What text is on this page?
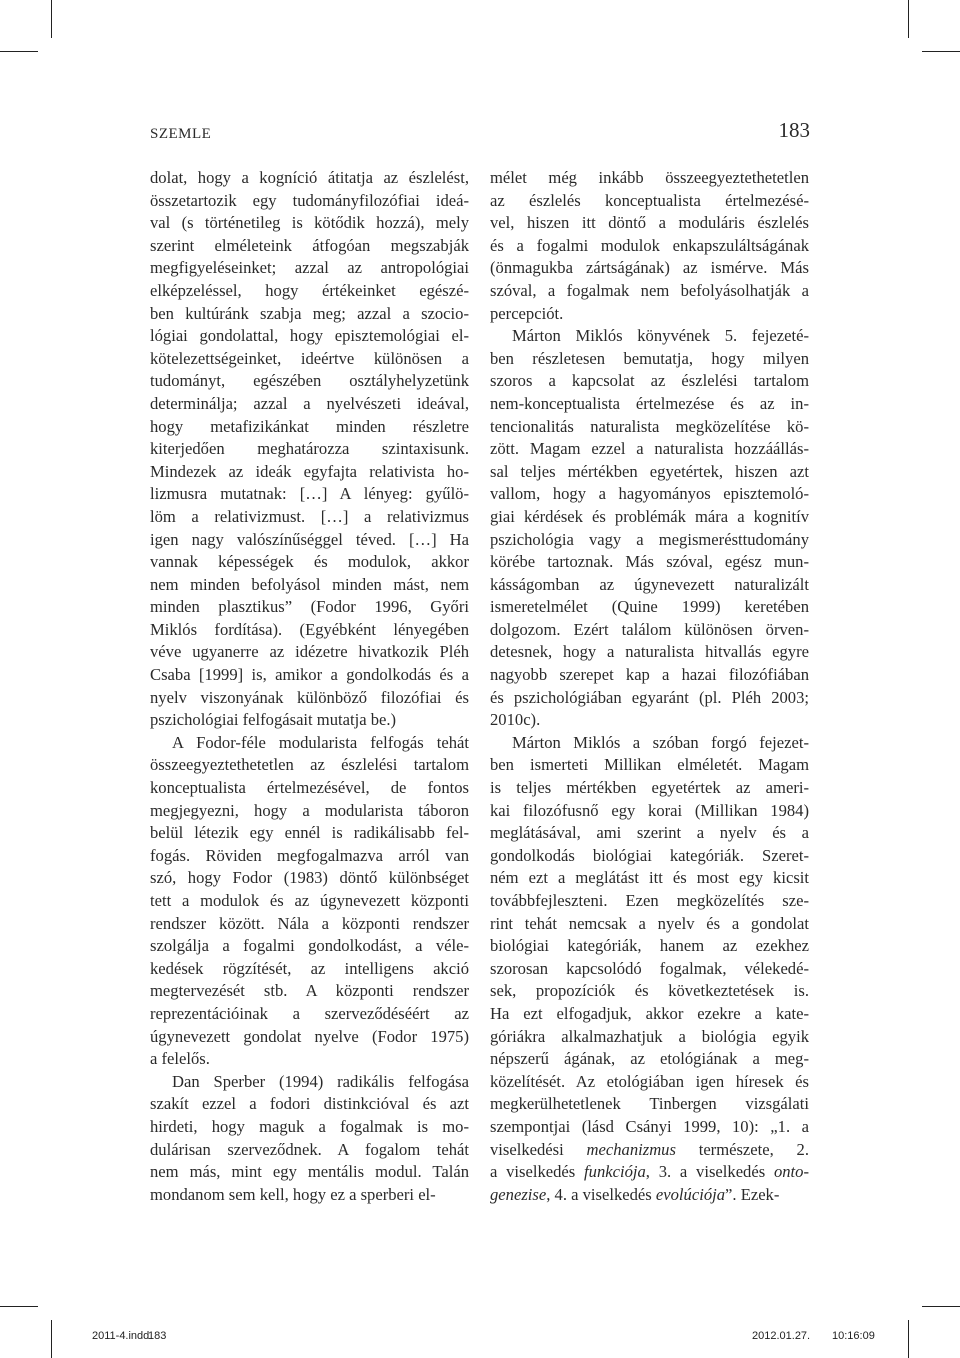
SZEMLE	183

dolat, hogy a kogníció átitatja az észlelést,

összetartozik egy tudományfilozófiai ideá-

val (s történetileg is kötődik hozzá), mely

szerint elméleteink átfogóan megszabják

megfigyeléseinket; azzal az antropológiai

elképzeléssel, hogy értékeinket egészé-

ben kultúránk szabja meg; azzal a szocio-

lógiai gondolattal, hogy episztemológiai el-

kötelezettségeinket, ideértve különösen a

tudományt, egészében osztályhelyzetünk

determinálja; azzal a nyelvészeti ideával,

hogy metafizikánkat minden részletre

kiterjedően meghatározza szintaxisunk.

Mindezek az ideák egyfajta relativista ho-

lizmusra mutatnak: […] A lényeg: gyűlö-

löm a relativizmust. […] a relativizmus

igen nagy valószínűséggel téved. […] Ha

vannak képességek és modulok, akkor

nem minden befolyásol minden mást, nem

minden plasztikus” (Fodor 1996, Győri

Miklós fordítása). (Egyébként lényegében

véve ugyanerre az idézetre hivatkozik Pléh

Csaba [1999] is, amikor a gondolkodás és a

nyelv viszonyának különböző filozófiai és

pszichológiai felfogásait mutatja be.)

A Fodor-féle modularista felfogás tehát

összeegyeztethetetlen az észlelési tartalom

konceptualista értelmezésével, de fontos

megjegyezni, hogy a modularista táboron

belül létezik egy ennél is radikálisabb fel-

fogás. Röviden megfogalmazva arról van

szó, hogy Fodor (1983) döntő különbséget

tett a modulok és az úgynevezett központi

rendszer között. Nála a központi rendszer

szolgálja a fogalmi gondolkodást, a véle-

kedések rögzítését, az intelligens akció

megtervezését stb. A központi rendszer

reprezentációinak a szerveződéséért az

úgynevezett gondolat nyelve (Fodor 1975)

a felelős.

Dan Sperber (1994) radikális felfogása

szakít ezzel a fodori distinkcióval és azt

hirdeti, hogy maguk a fogalmak is mo-

dulárisan szerveződnek. A fogalom tehát

nem más, mint egy mentális modul. Talán

mondanom sem kell, hogy ez a sperberi el-

mélet még inkább összeegyeztethetetlen

az észlelés konceptualista értelmezésé-

vel, hiszen itt döntő a moduláris észlelés

és a fogalmi modulok enkapszuláltságának

(önmagukba zártságának) az ismérve. Más

szóval, a fogalmak nem befolyásolhatják a

percepciót.

Márton Miklós könyvének 5. fejezeté-

ben részletesen bemutatja, hogy milyen

szoros a kapcsolat az észlelési tartalom

nem-konceptualista értelmezése és az in-

tencionalitás naturalista megközelítése kö-

zött. Magam ezzel a naturalista hozzáállás-

sal teljes mértékben egyetértek, hiszen azt

vallom, hogy a hagyományos episztemoló-

giai kérdések és problémák mára a kognitív

pszichológia vagy a megismerésttudomány

körébe tartoznak. Más szóval, egész mun-

kásságomban az úgynevezett naturalizált

ismeretelmélet (Quine 1999) keretében

dolgozom. Ezért találom különösen örven-

detesnek, hogy a naturalista hitvallás egyre

nagyobb szerepet kap a hazai filozófiában

és pszichológiában egyaránt (pl. Pléh 2003;

2010c).

Márton Miklós a szóban forgó fejezet-

ben ismerteti Millikan elméletét. Magam

is teljes mértékben egyetértek az ameri-

kai filozófusnő egy korai (Millikan 1984)

meglátásával, ami szerint a nyelv és a

gondolkodás biológiai kategóriák. Szeret-

ném ezt a meglátást itt és most egy kicsit

továbbfejleszteni. Ezen megközelítés sze-

rint tehát nemcsak a nyelv és a gondolat

biológiai kategóriák, hanem az ezekhez

szorosan kapcsolódó fogalmak, vélekedé-

sek, propozíciók és következtetések is.

Ha ezt elfogadjuk, akkor ezekre a kate-

góriákra alkalmazhatjuk a biológia egyik

népszerű ágának, az etológiának a meg-

közelítését. Az etológiában igen híresek és

megkerülhetetlenek Tinbergen vizsgálati

szempontjai (lásd Csányi 1999, 10): „1. a

viselkedési mechanizmus természete, 2.

a viselkedés funkciója, 3. a viselkedés onto-

genezise, 4. a viselkedés evolúciója”. Ezek-

2011-4.indd
183	2012.01.27. 10:16:09
